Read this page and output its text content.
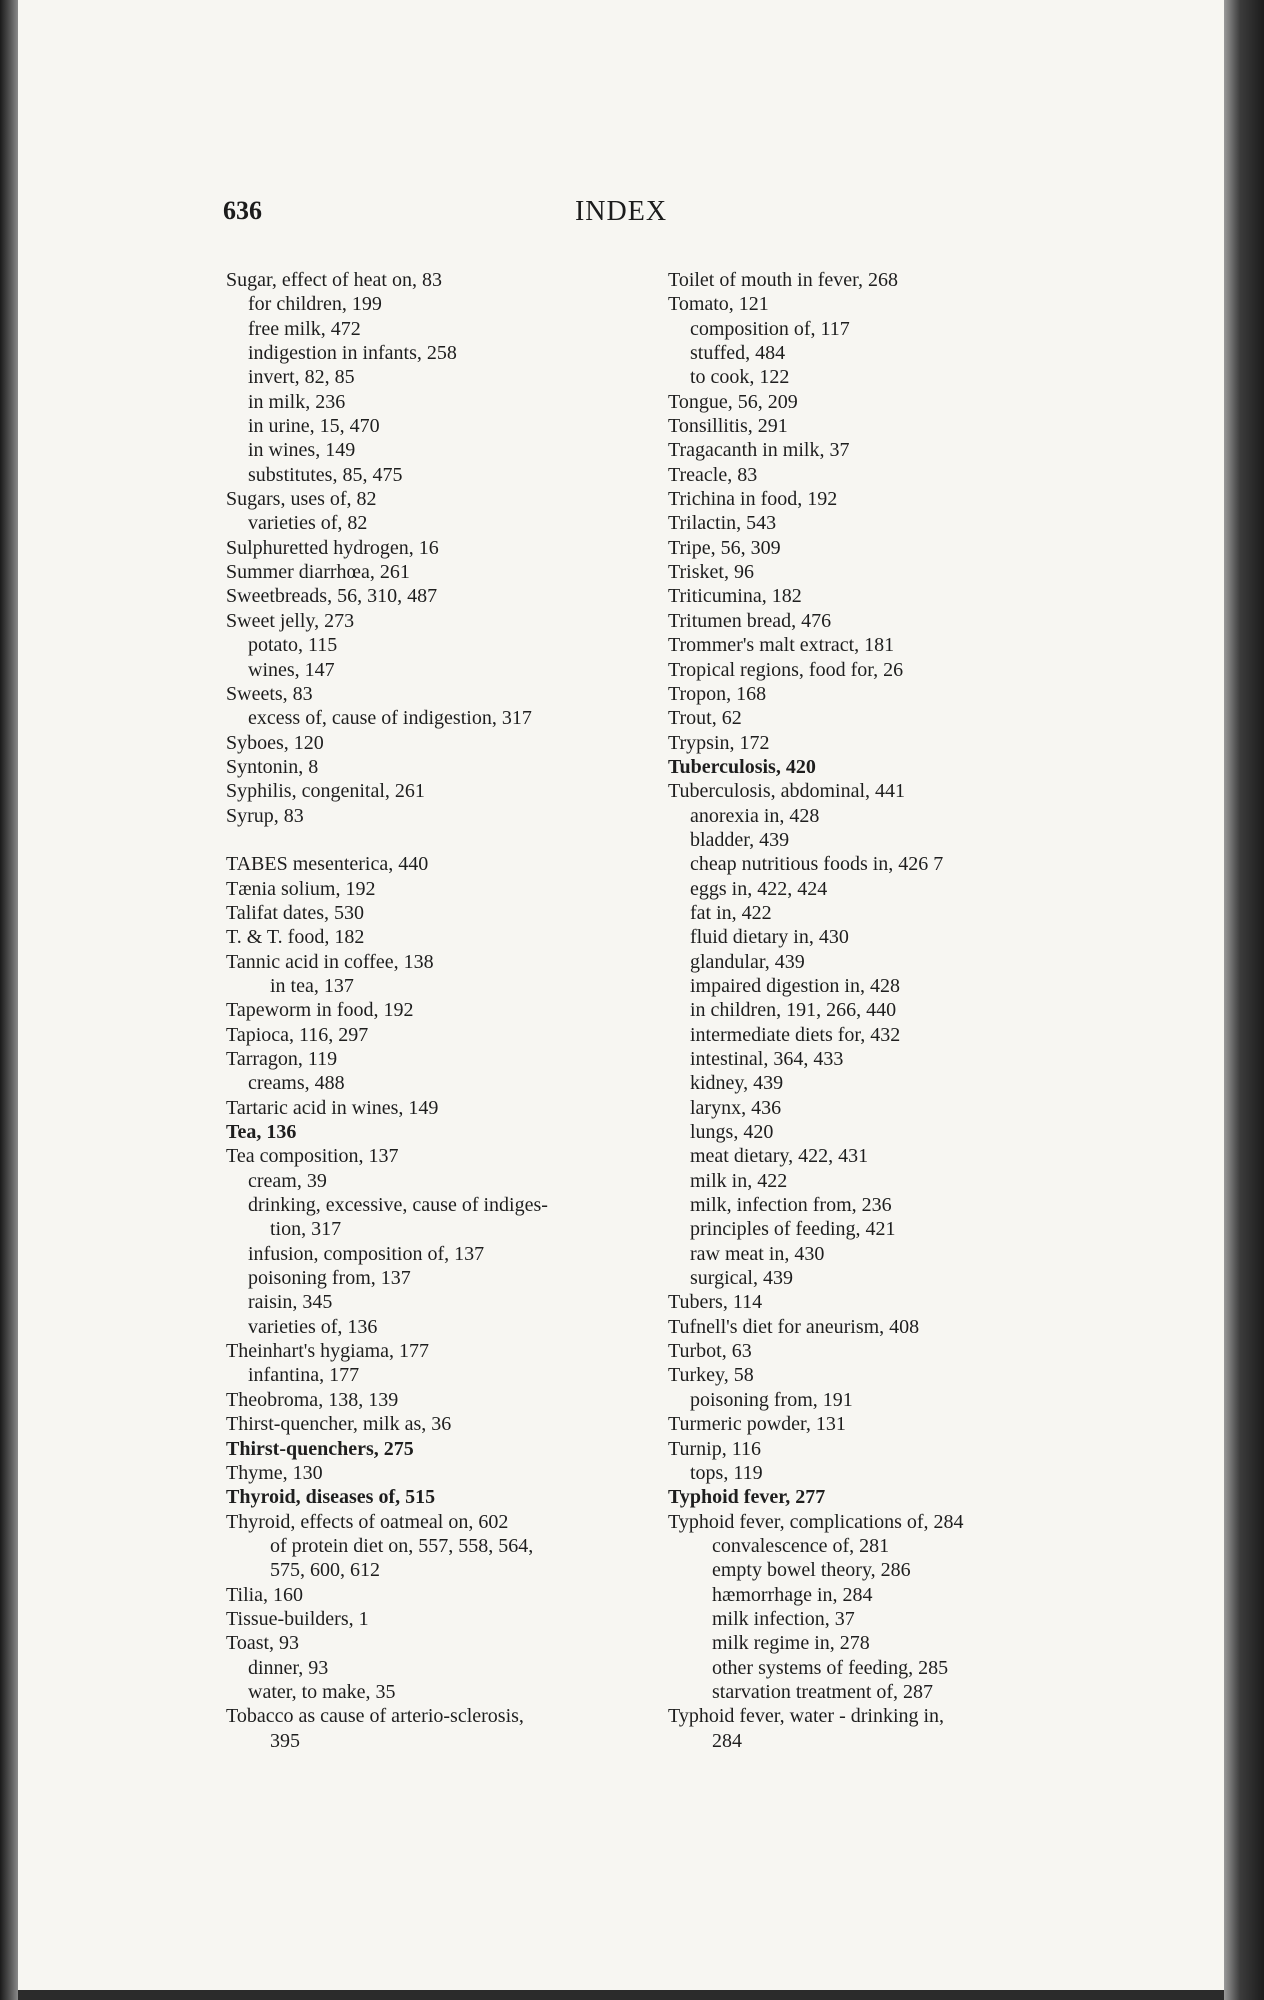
636	INDEX
Sugar, effect of heat on, 83
for children, 199
free milk, 472
indigestion in infants, 258
invert, 82, 85
in milk, 236
in urine, 15, 470
in wines, 149
substitutes, 85, 475
Sugars, uses of, 82
varieties of, 82
Sulphuretted hydrogen, 16
Summer diarrhœa, 261
Sweetbreads, 56, 310, 487
Sweet jelly, 273
potato, 115
wines, 147
Sweets, 83
excess of, cause of indigestion, 317
Syboes, 120
Syntonin, 8
Syphilis, congenital, 261
Syrup, 83
TABES mesenterica, 440
Tænia solium, 192
Talifat dates, 530
T. & T. food, 182
Tannic acid in coffee, 138
in tea, 137
Tapeworm in food, 192
Tapioca, 116, 297
Tarragon, 119
creams, 488
Tartaric acid in wines, 149
Tea, 136
Tea composition, 137
cream, 39
drinking, excessive, cause of indiges-
tion, 317
infusion, composition of, 137
poisoning from, 137
raisin, 345
varieties of, 136
Theinhart's hygiama, 177
infantina, 177
Theobroma, 138, 139
Thirst-quencher, milk as, 36
Thirst-quenchers, 275
Thyme, 130
Thyroid, diseases of, 515
Thyroid, effects of oatmeal on, 602
of protein diet on, 557, 558, 564,
575, 600, 612
Tilia, 160
Tissue-builders, 1
Toast, 93
dinner, 93
water, to make, 35
Tobacco as cause of arterio-sclerosis,
395
Toilet of mouth in fever, 268
Tomato, 121
composition of, 117
stuffed, 484
to cook, 122
Tongue, 56, 209
Tonsillitis, 291
Tragacanth in milk, 37
Treacle, 83
Trichina in food, 192
Trilactin, 543
Tripe, 56, 309
Trisket, 96
Triticumina, 182
Tritumen bread, 476
Trommer's malt extract, 181
Tropical regions, food for, 26
Tropon, 168
Trout, 62
Trypsin, 172
Tuberculosis, 420
Tuberculosis, abdominal, 441
anorexia in, 428
bladder, 439
cheap nutritious foods in, 426 7
eggs in, 422, 424
fat in, 422
fluid dietary in, 430
glandular, 439
impaired digestion in, 428
in children, 191, 266, 440
intermediate diets for, 432
intestinal, 364, 433
kidney, 439
larynx, 436
lungs, 420
meat dietary, 422, 431
milk in, 422
milk, infection from, 236
principles of feeding, 421
raw meat in, 430
surgical, 439
Tubers, 114
Tufnell's diet for aneurism, 408
Turbot, 63
Turkey, 58
poisoning from, 191
Turmeric powder, 131
Turnip, 116
tops, 119
Typhoid fever, 277
Typhoid fever, complications of, 284
convalescence of, 281
empty bowel theory, 286
hæmorrhage in, 284
milk infection, 37
milk regime in, 278
other systems of feeding, 285
starvation treatment of, 287
Typhoid fever, water - drinking in,
284
